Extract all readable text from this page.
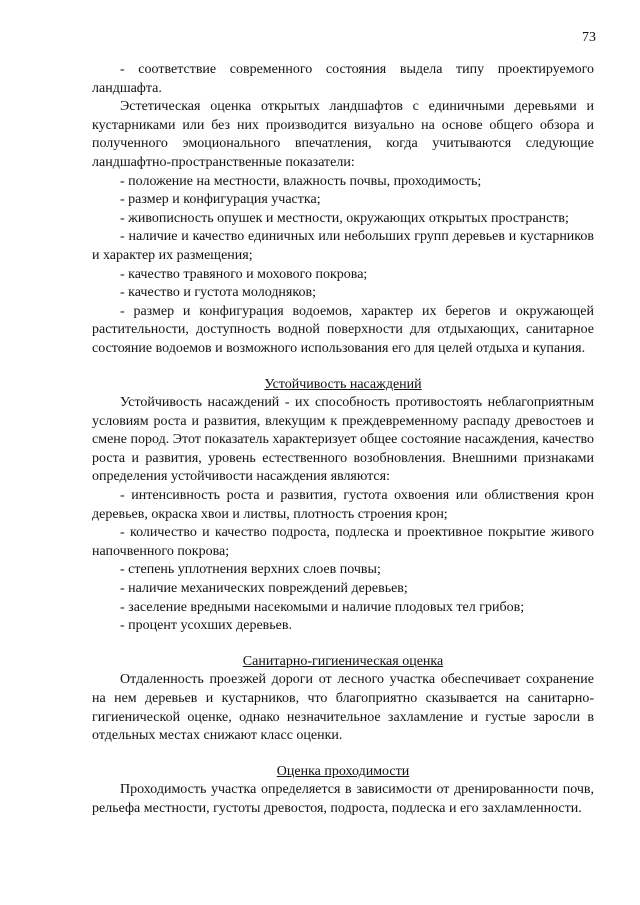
73

- соответствие современного состояния выдела типу проектируемого ландшафта.

Эстетическая оценка открытых ландшафтов с единичными деревьями и кустарниками или без них производится визуально на основе общего обзора и полученного эмоционального впечатления, когда учитываются следующие ландшафтно-пространственные показатели:

- положение на местности, влажность почвы, проходимость;

- размер и конфигурация участка;

- живописность опушек и местности, окружающих открытых пространств;

- наличие и качество единичных или небольших групп деревьев и кустарников и характер их размещения;

- качество травяного и мохового покрова;

- качество и густота молодняков;

- размер и конфигурация водоемов, характер их берегов и окружающей растительности, доступность водной поверхности для отдыхающих, санитарное состояние водоемов и возможного использования его для целей отдыха и купания.

Устойчивость насаждений

Устойчивость насаждений - их способность противостоять неблагоприятным условиям роста и развития, влекущим к преждевременному распаду древостоев и смене пород. Этот показатель характеризует общее состояние насаждения, качество роста и развития, уровень естественного возобновления. Внешними признаками определения устойчивости насаждения являются:

- интенсивность роста и развития, густота охвоения или облиствения крон деревьев, окраска хвои и листвы, плотность строения крон;

- количество и качество подроста, подлеска и проективное покрытие живого напочвенного покрова;

- степень уплотнения верхних слоев почвы;

- наличие механических повреждений деревьев;

- заселение вредными насекомыми и наличие плодовых тел грибов;

- процент усохших деревьев.

Санитарно-гигиеническая оценка

Отдаленность проезжей дороги от лесного участка обеспечивает сохранение на нем деревьев и кустарников, что благоприятно сказывается на санитарно-гигиенической оценке, однако незначительное захламление и густые заросли в отдельных местах снижают класс оценки.

Оценка проходимости

Проходимость участка определяется в зависимости от дренированности почв, рельефа местности, густоты древостоя, подроста, подлеска и его захламленности.
